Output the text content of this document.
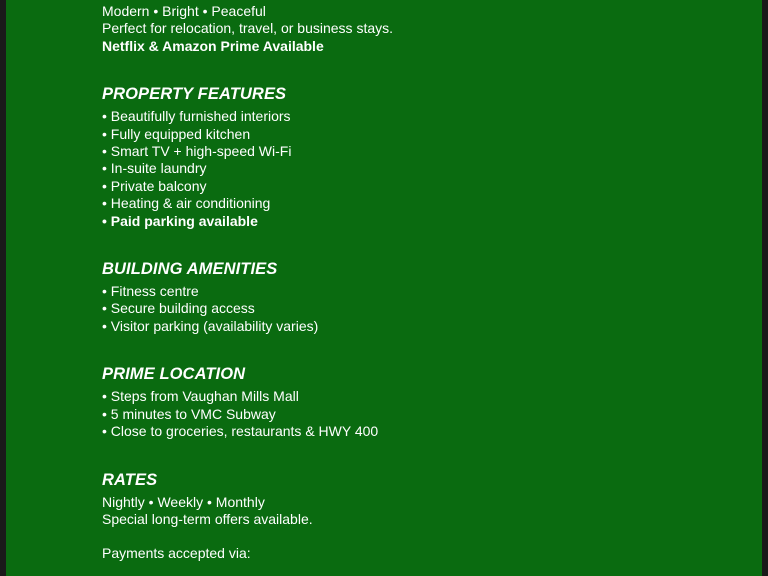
Modern • Bright • Peaceful
Perfect for relocation, travel, or business stays.
Netflix & Amazon Prime Available
PROPERTY FEATURES
• Beautifully furnished interiors
• Fully equipped kitchen
• Smart TV + high-speed Wi-Fi
• In-suite laundry
• Private balcony
• Heating & air conditioning
• Paid parking available
BUILDING AMENITIES
• Fitness centre
• Secure building access
• Visitor parking (availability varies)
PRIME LOCATION
• Steps from Vaughan Mills Mall
• 5 minutes to VMC Subway
• Close to groceries, restaurants & HWY 400
RATES
Nightly • Weekly • Monthly
Special long-term offers available.
Payments accepted via:
